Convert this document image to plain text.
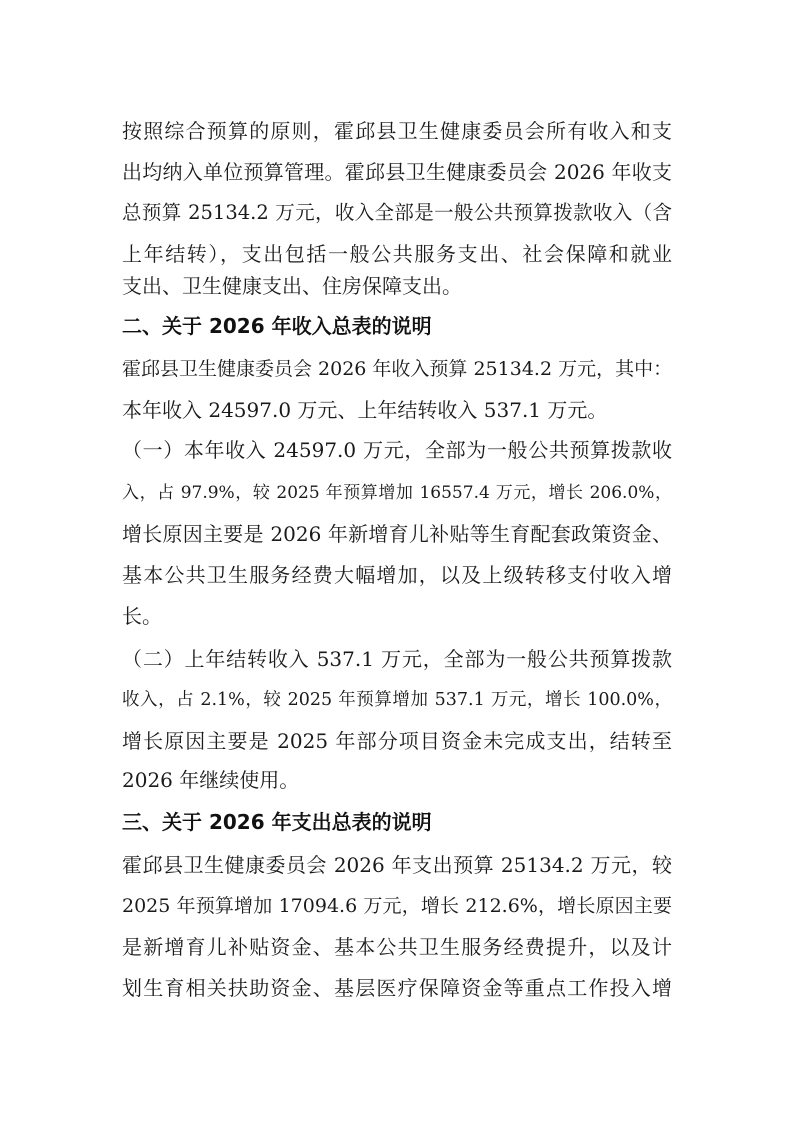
按照综合预算的原则，霍邱县卫生健康委员会所有收入和支
出均纳入单位预算管理。霍邱县卫生健康委员会 2026 年收支
总预算 25134.2 万元，收入全部是一般公共预算拨款收入（含
上年结转），支出包括一般公共服务支出、社会保障和就业
支出、卫生健康支出、住房保障支出。
二、关于 2026 年收入总表的说明
霍邱县卫生健康委员会 2026 年收入预算 25134.2 万元，其中：
本年收入 24597.0 万元、上年结转收入 537.1 万元。
（一）本年收入 24597.0 万元，全部为一般公共预算拨款收
入，占 97.9%，较 2025 年预算增加 16557.4 万元，增长 206.0%，
增长原因主要是 2026 年新增育儿补贴等生育配套政策资金、
基本公共卫生服务经费大幅增加，以及上级转移支付收入增
长。
（二）上年结转收入 537.1 万元，全部为一般公共预算拨款
收入，占 2.1%，较 2025 年预算增加 537.1 万元，增长 100.0%，
增长原因主要是 2025 年部分项目资金未完成支出，结转至
2026 年继续使用。
三、关于 2026 年支出总表的说明
霍邱县卫生健康委员会 2026 年支出预算 25134.2 万元，较
2025 年预算增加 17094.6 万元，增长 212.6%，增长原因主要
是新增育儿补贴资金、基本公共卫生服务经费提升，以及计
划生育相关扶助资金、基层医疗保障资金等重点工作投入增
